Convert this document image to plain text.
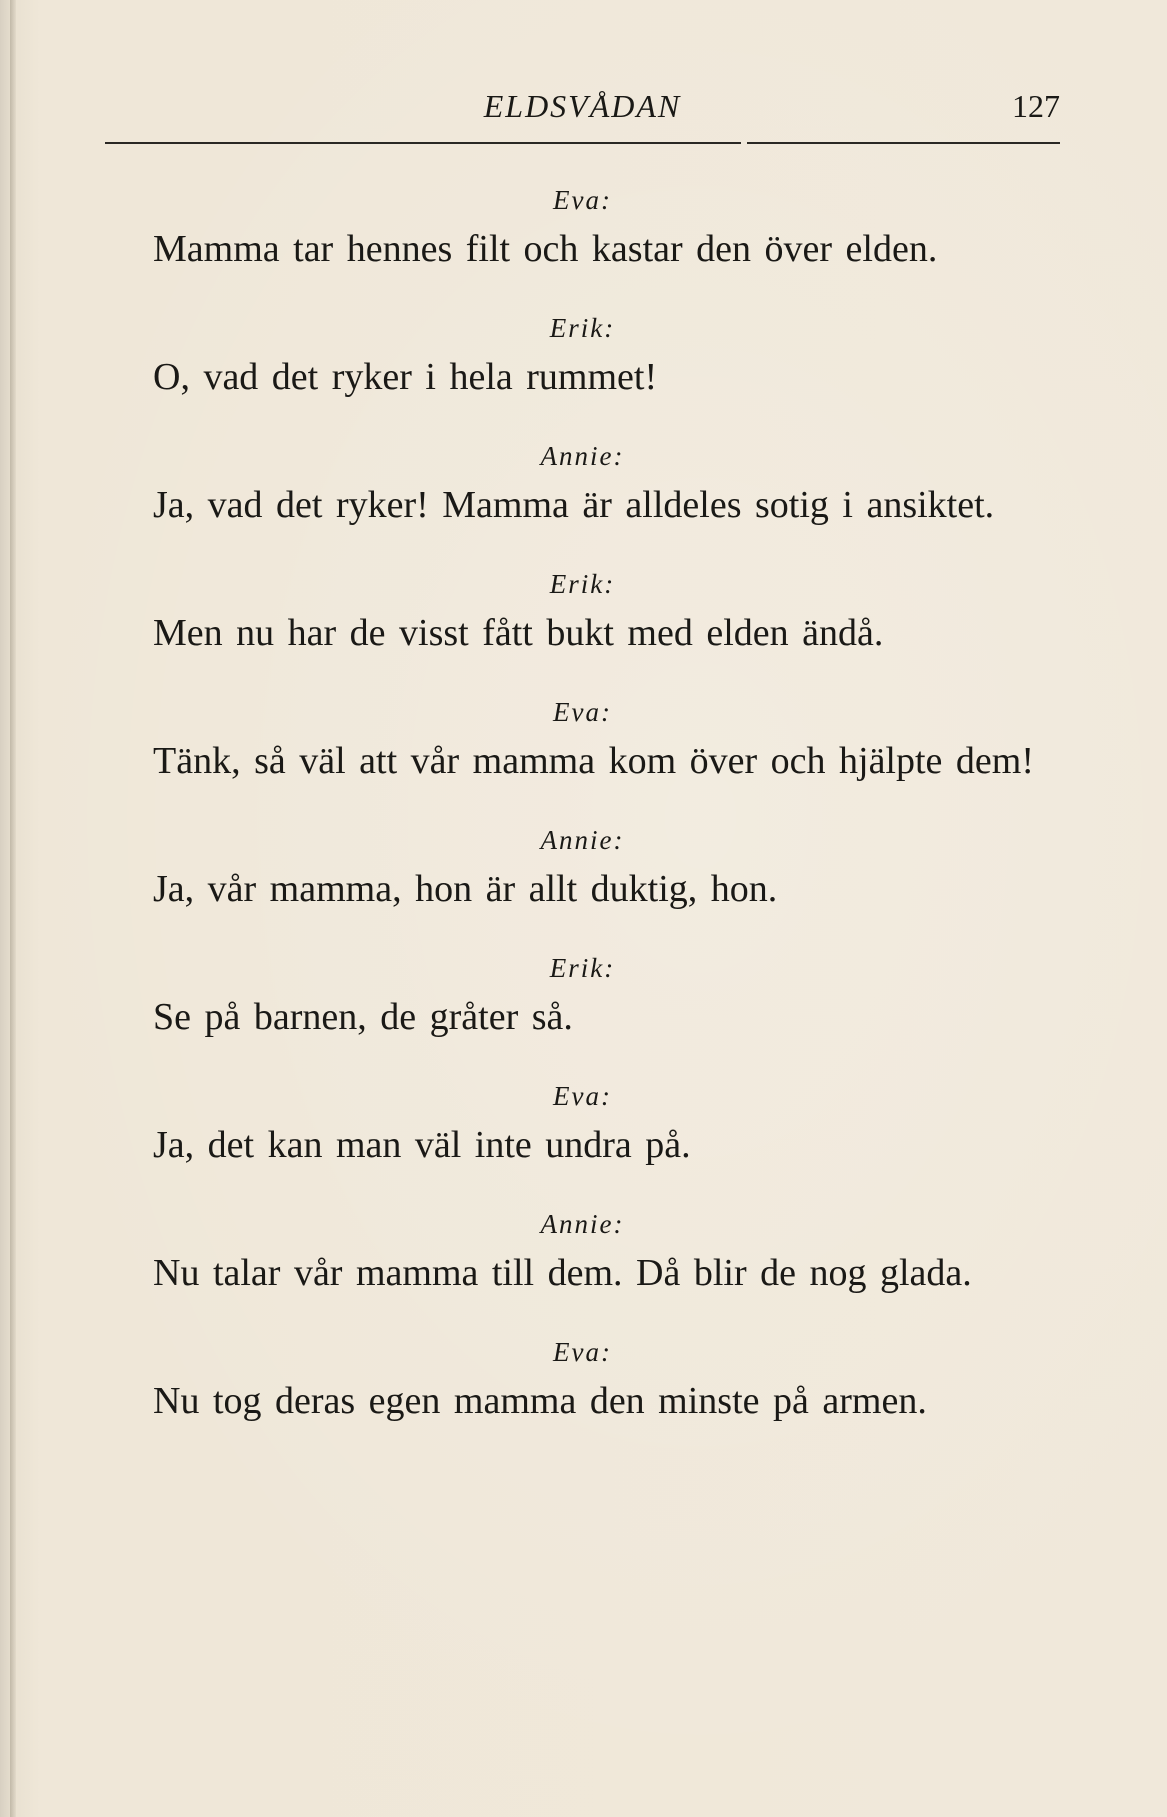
ELDSVÅDAN	127
Eva:
Mamma tar hennes filt och kastar den över elden.
Erik:
O, vad det ryker i hela rummet!
Annie:
Ja, vad det ryker! Mamma är alldeles sotig i ansiktet.
Erik:
Men nu har de visst fått bukt med elden ändå.
Eva:
Tänk, så väl att vår mamma kom över och hjälpte dem!
Annie:
Ja, vår mamma, hon är allt duktig, hon.
Erik:
Se på barnen, de gråter så.
Eva:
Ja, det kan man väl inte undra på.
Annie:
Nu talar vår mamma till dem. Då blir de nog glada.
Eva:
Nu tog deras egen mamma den minste på armen.
